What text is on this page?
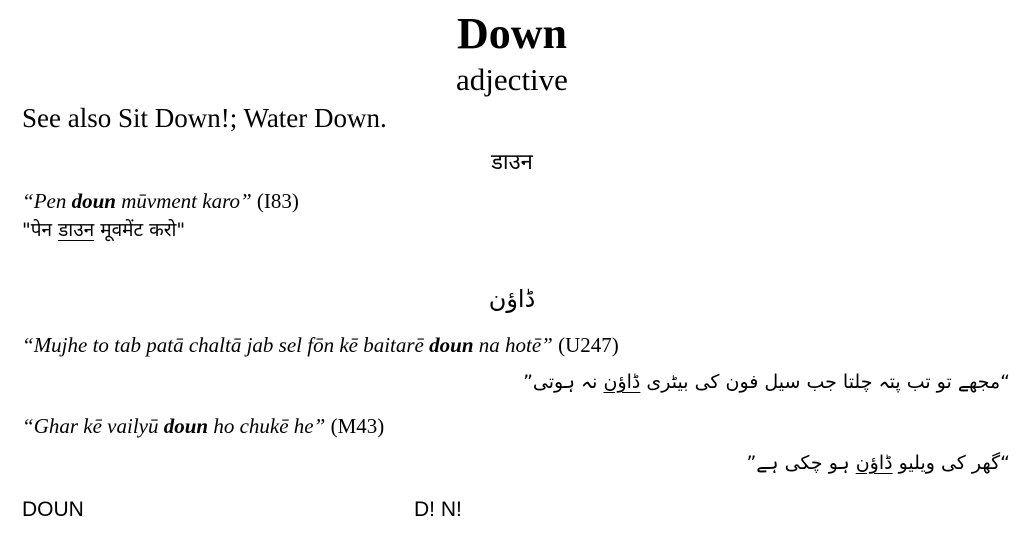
Down
adjective
See also Sit Down!; Water Down.
डाउन
“Pen doun mūvment karo” (I83)
"पेन डाउन मूवमेंट करो"
ڈاؤن
“Mujhe to tab patā chaltā jab sel fōn kē baitarē doun na hotē” (U247)
“مجھے تو تب پتہ چلتا جب سیل فون کی بیٹری ڈاؤن نہ ہوتی”
“Ghar kē vailyū doun ho chukē he” (M43)
“گھر کی ویلیو ڈاؤن ہو چکی ہے”
DOUN	D! N!
